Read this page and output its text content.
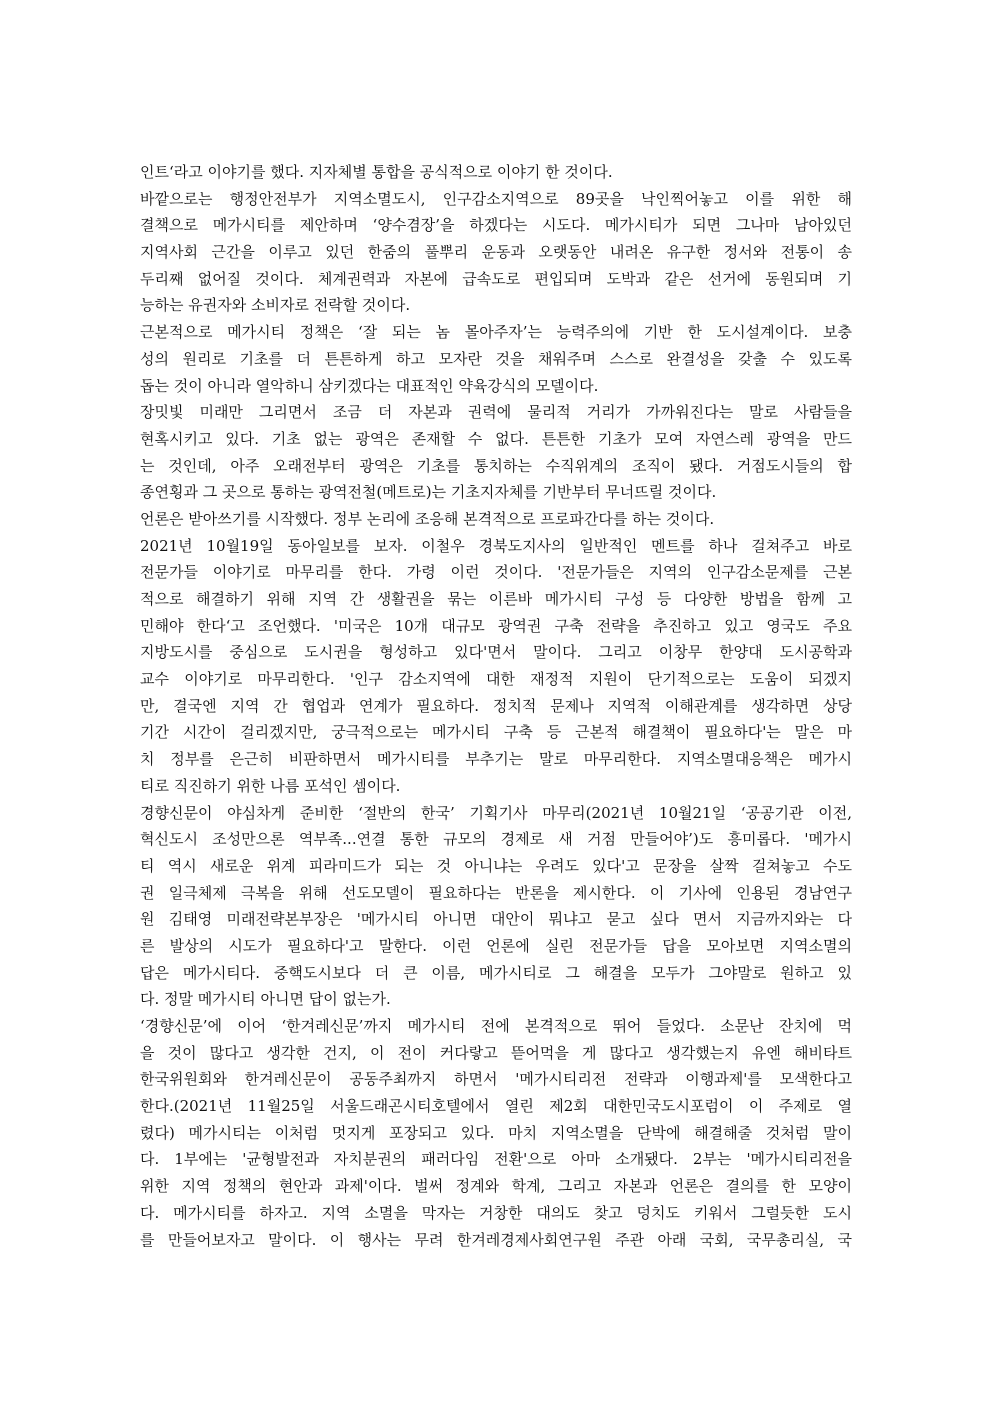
인트‘라고 이야기를 했다. 지자체별 통합을 공식적으로 이야기 한 것이다.
바깥으로는 행정안전부가 지역소멸도시, 인구감소지역으로 89곳을 낙인찍어놓고 이를 위한 해
결책으로 메가시티를 제안하며 ‘양수겸장’을 하겠다는 시도다. 메가시티가 되면 그나마 남아있던
지역사회 근간을 이루고 있던 한줌의 풀뿌리 운동과 오랫동안 내려온 유구한 정서와 전통이 송
두리째 없어질 것이다. 체계권력과 자본에 급속도로 편입되며 도박과 같은 선거에 동원되며 기
능하는 유권자와 소비자로 전락할 것이다.
근본적으로 메가시티 정책은 ‘잘 되는 놈 몰아주자’는 능력주의에 기반 한 도시설계이다. 보충
성의 원리로 기초를 더 튼튼하게 하고 모자란 것을 채워주며 스스로 완결성을 갖출 수 있도록
돕는 것이 아니라 열악하니 삼키겠다는 대표적인 약육강식의 모델이다.
장밋빛 미래만 그리면서 조금 더 자본과 권력에 물리적 거리가 가까워진다는 말로 사람들을
현혹시키고 있다. 기초 없는 광역은 존재할 수 없다. 튼튼한 기초가 모여 자연스레 광역을 만드
는 것인데, 아주 오래전부터 광역은 기초를 통치하는 수직위계의 조직이 됐다. 거점도시들의 합
종연횡과 그 곳으로 통하는 광역전철(메트로)는 기초지자체를 기반부터 무너뜨릴 것이다.
언론은 받아쓰기를 시작했다. 정부 논리에 조응해 본격적으로 프로파간다를 하는 것이다.
2021년 10월19일 동아일보를 보자. 이철우 경북도지사의 일반적인 멘트를 하나 걸쳐주고 바로
전문가들 이야기로 마무리를 한다. 가령 이런 것이다. '전문가들은 지역의 인구감소문제를 근본
적으로 해결하기 위해 지역 간 생활권을 묶는 이른바 메가시티 구성 등 다양한 방법을 함께 고
민해야 한다‘고 조언했다. '미국은 10개 대규모 광역권 구축 전략을 추진하고 있고 영국도 주요
지방도시를 중심으로 도시권을 형성하고 있다'면서 말이다. 그리고 이창무 한양대 도시공학과
교수 이야기로 마무리한다. '인구 감소지역에 대한 재정적 지원이 단기적으로는 도움이 되겠지
만, 결국엔 지역 간 협업과 연계가 필요하다. 정치적 문제나 지역적 이해관계를 생각하면 상당
기간 시간이 걸리겠지만, 궁극적으로는 메가시티 구축 등 근본적 해결책이 필요하다'는 말은 마
치 정부를 은근히 비판하면서 메가시티를 부추기는 말로 마무리한다. 지역소멸대응책은 메가시
티로 직진하기 위한 나름 포석인 셈이다.
경향신문이 야심차게 준비한 ‘절반의 한국’ 기획기사 마무리(2021년 10월21일 ‘공공기관 이전,
혁신도시 조성만으론 역부족...연결 통한 규모의 경제로 새 거점 만들어야’)도 흥미롭다. '메가시
티 역시 새로운 위계 피라미드가 되는 것 아니냐는 우려도 있다'고 문장을 살짝 걸쳐놓고 수도
권 일극체제 극복을 위해 선도모델이 필요하다는 반론을 제시한다. 이 기사에 인용된 경남연구
원 김태영 미래전략본부장은 '메가시티 아니면 대안이 뭐냐고 묻고 싶다 면서 지금까지와는 다
른 발상의 시도가 필요하다'고 말한다. 이런 언론에 실린 전문가들 답을 모아보면 지역소멸의
답은 메가시티다. 중핵도시보다 더 큰 이름, 메가시티로 그 해결을 모두가 그야말로 원하고 있
다. 정말 메가시티 아니면 답이 없는가.
‘경향신문’에 이어 ‘한겨레신문’까지 메가시티 전에 본격적으로 뛰어 들었다. 소문난 잔치에 먹
을 것이 많다고 생각한 건지, 이 전이 커다랗고 뜯어먹을 게 많다고 생각했는지 유엔 해비타트
한국위원회와 한겨레신문이 공동주최까지 하면서 '메가시티리전 전략과 이행과제'를 모색한다고
한다.(2021년 11월25일 서울드래곤시티호텔에서 열린 제2회 대한민국도시포럼이 이 주제로 열
렸다) 메가시티는 이처럼 멋지게 포장되고 있다. 마치 지역소멸을 단박에 해결해줄 것처럼 말이
다. 1부에는 '균형발전과 자치분권의 패러다임 전환'으로 아마 소개됐다. 2부는 '메가시티리전을
위한 지역 정책의 현안과 과제'이다. 벌써 정계와 학계, 그리고 자본과 언론은 결의를 한 모양이
다. 메가시티를 하자고. 지역 소멸을 막자는 거창한 대의도 찾고 덩치도 키워서 그럴듯한 도시
를 만들어보자고 말이다. 이 행사는 무려 한겨레경제사회연구원 주관 아래 국회, 국무총리실, 국
